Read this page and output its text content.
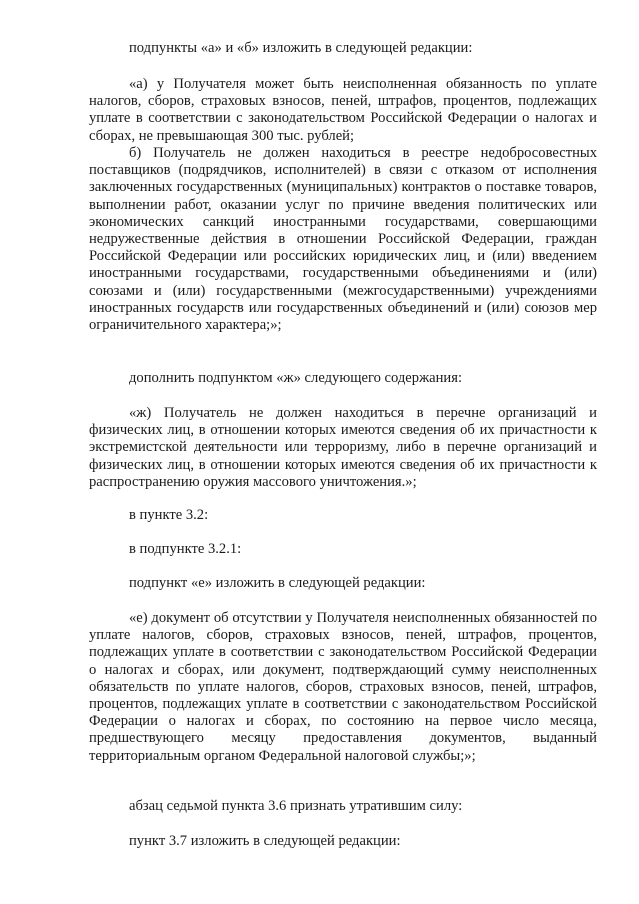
подпункты «а» и «б» изложить в следующей редакции:

«а) у Получателя может быть неисполненная обязанность по уплате налогов, сборов, страховых взносов, пеней, штрафов, процентов, подлежащих уплате в соответствии с законодательством Российской Федерации о налогах и сборах, не превышающая 300 тыс. рублей;

б) Получатель не должен находиться в реестре недобросовестных поставщиков (подрядчиков, исполнителей) в связи с отказом от исполнения заключенных государственных (муниципальных) контрактов о поставке товаров, выполнении работ, оказании услуг по причине введения политических или экономических санкций иностранными государствами, совершающими недружественные действия в отношении Российской Федерации, граждан Российской Федерации или российских юридических лиц, и (или) введением иностранными государствами, государственными объединениями и (или) союзами и (или) государственными (межгосударственными) учреждениями иностранных государств или государственных объединений и (или) союзов мер ограничительного характера;»;

дополнить подпунктом «ж» следующего содержания:

«ж) Получатель не должен находиться в перечне организаций и физических лиц, в отношении которых имеются сведения об их причастности к экстремистской деятельности или терроризму, либо в перечне организаций и физических лиц, в отношении которых имеются сведения об их причастности к распространению оружия массового уничтожения.»;

в пункте 3.2:

в подпункте 3.2.1:

подпункт «е» изложить в следующей редакции:

«е) документ об отсутствии у Получателя неисполненных обязанностей по уплате налогов, сборов, страховых взносов, пеней, штрафов, процентов, подлежащих уплате в соответствии с законодательством Российской Федерации о налогах и сборах, или документ, подтверждающий сумму неисполненных обязательств по уплате налогов, сборов, страховых взносов, пеней, штрафов, процентов, подлежащих уплате в соответствии с законодательством Российской Федерации о налогах и сборах, по состоянию на первое число месяца, предшествующего месяцу предоставления документов, выданный территориальным органом Федеральной налоговой службы;»;

абзац седьмой пункта 3.6 признать утратившим силу:

пункт 3.7 изложить в следующей редакции:
